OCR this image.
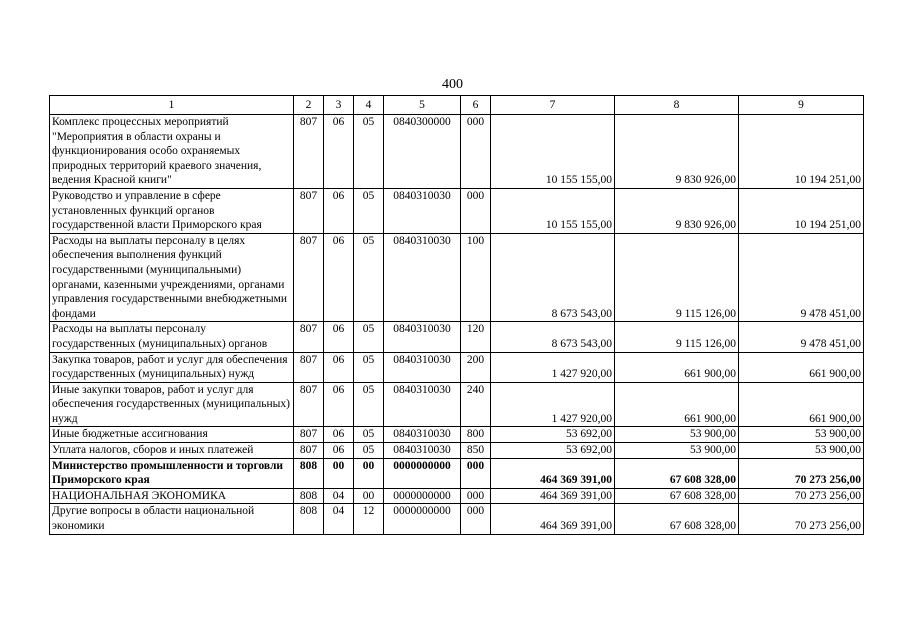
400
1	2	3	4	5	6	7	8	9
Комплекс процессных мероприятий "Мероприятия в области охраны и функционирования особо охраняемых природных территорий краевого значения, ведения Красной книги"	807	06	05	0840300000	000	10 155 155,00	9 830 926,00	10 194 251,00
Руководство и управление в сфере установленных функций органов государственной власти Приморского края	807	06	05	0840310030	000	10 155 155,00	9 830 926,00	10 194 251,00
Расходы на выплаты персоналу в целях обеспечения выполнения функций государственными (муниципальными) органами, казенными учреждениями, органами управления государственными внебюджетными фондами	807	06	05	0840310030	100	8 673 543,00	9 115 126,00	9 478 451,00
Расходы на выплаты персоналу государственных (муниципальных) органов	807	06	05	0840310030	120	8 673 543,00	9 115 126,00	9 478 451,00
Закупка товаров, работ и услуг для обеспечения государственных (муниципальных) нужд	807	06	05	0840310030	200	1 427 920,00	661 900,00	661 900,00
Иные закупки товаров, работ и услуг для обеспечения государственных (муниципальных) нужд	807	06	05	0840310030	240	1 427 920,00	661 900,00	661 900,00
Иные бюджетные ассигнования	807	06	05	0840310030	800	53 692,00	53 900,00	53 900,00
Уплата налогов, сборов и иных платежей	807	06	05	0840310030	850	53 692,00	53 900,00	53 900,00
Министерство промышленности и торговли Приморского края	808	00	00	0000000000	000	464 369 391,00	67 608 328,00	70 273 256,00
НАЦИОНАЛЬНАЯ ЭКОНОМИКА	808	04	00	0000000000	000	464 369 391,00	67 608 328,00	70 273 256,00
Другие вопросы в области национальной экономики	808	04	12	0000000000	000	464 369 391,00	67 608 328,00	70 273 256,00
